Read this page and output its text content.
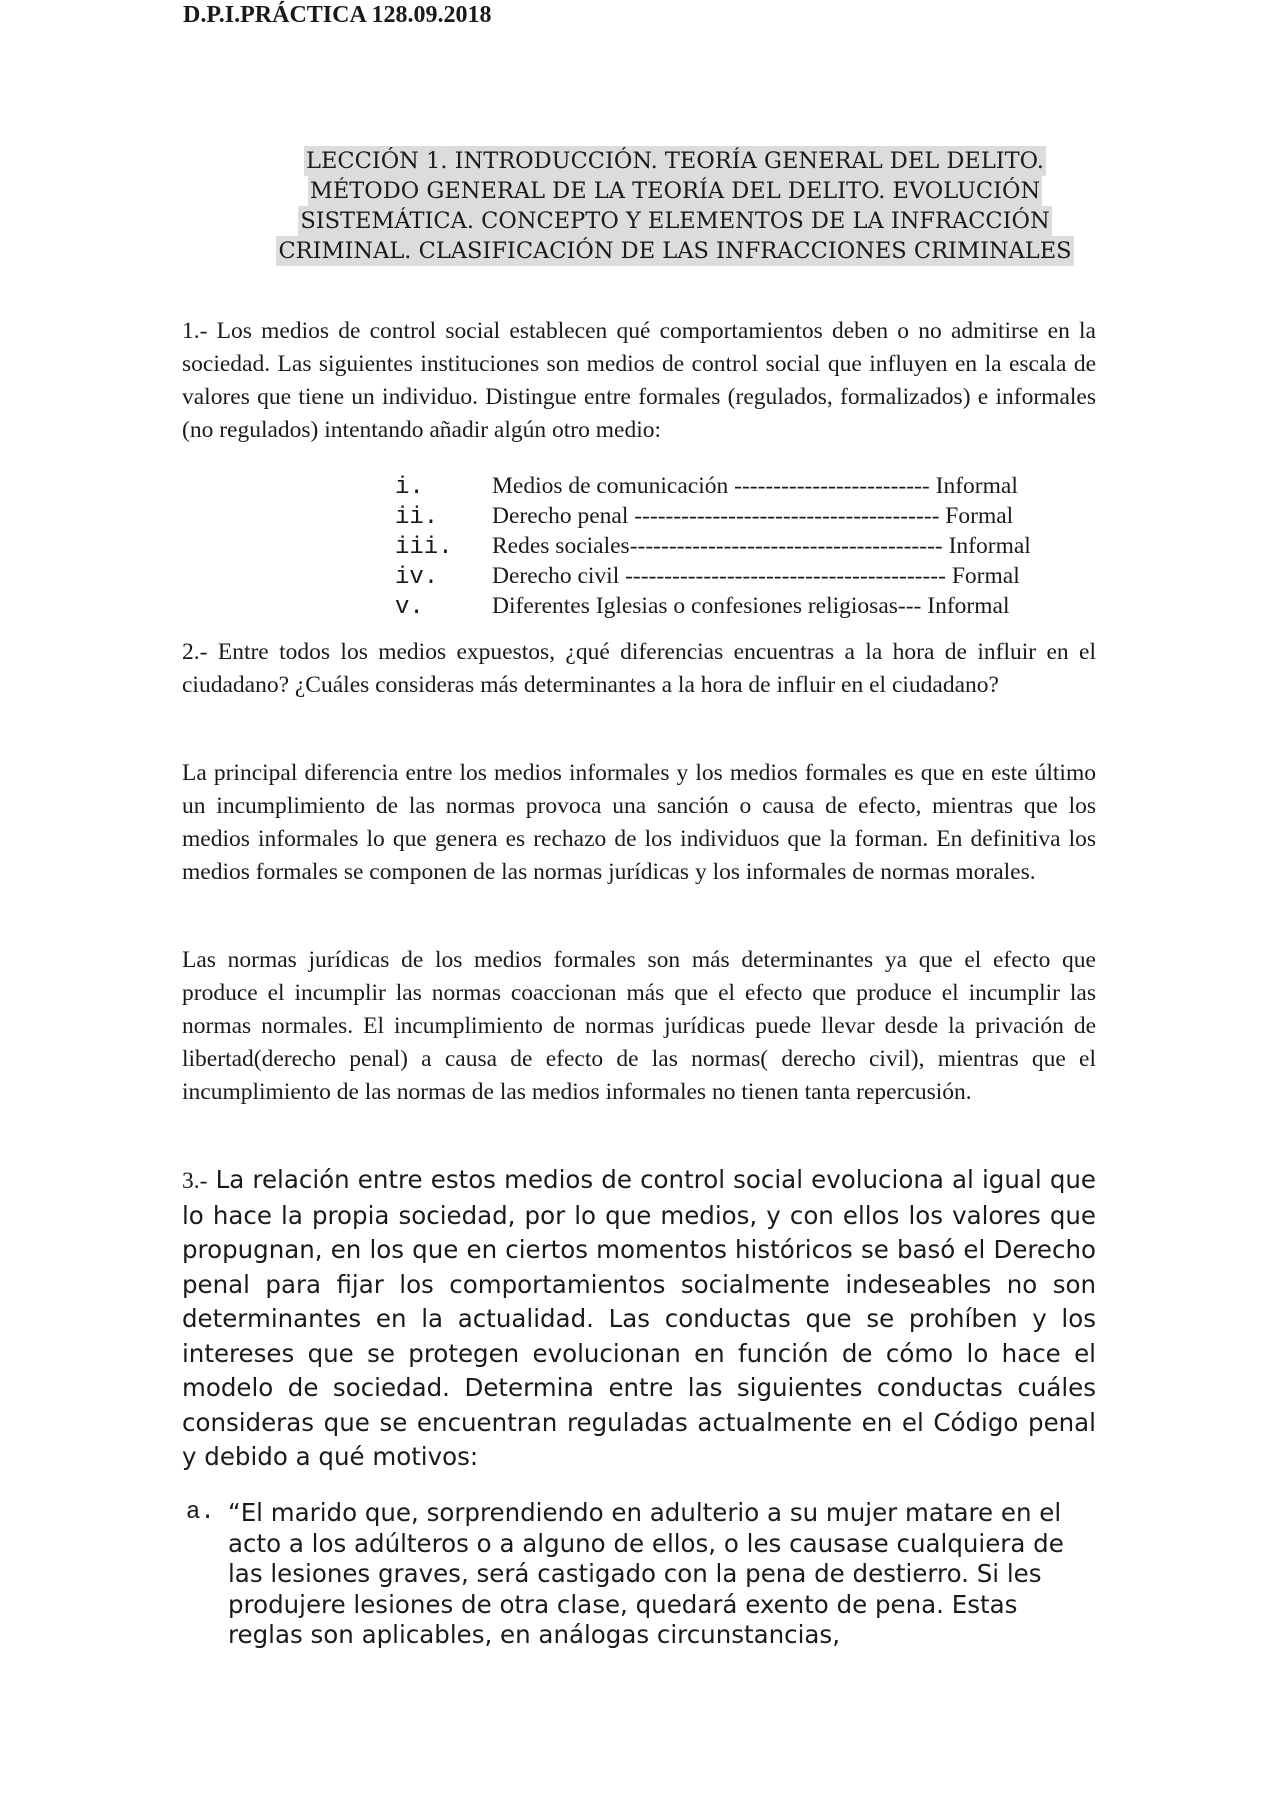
D.P.I.PRÁCTICA 128.09.2018
LECCIÓN 1. INTRODUCCIÓN. TEORÍA GENERAL DEL DELITO.
MÉTODO GENERAL DE LA TEORÍA DEL DELITO. EVOLUCIÓN
SISTEMÁTICA. CONCEPTO Y ELEMENTOS DE LA INFRACCIÓN
CRIMINAL. CLASIFICACIÓN DE LAS INFRACCIONES CRIMINALES

1.- Los medios de control social establecen qué comportamientos deben o no admitirse en la sociedad. Las siguientes instituciones son medios de control social que influyen en la escala de valores que tiene un individuo. Distingue entre formales (regulados, formalizados) e informales (no regulados) intentando añadir algún otro medio:

i.	Medios de comunicación ------------------------- Informal
ii. Derecho penal --------------------------------------- Formal
iii. Redes sociales---------------------------------------- Informal
iv. Derecho civil ----------------------------------------- Formal
v.	Diferentes Iglesias o confesiones religiosas--- Informal

2.- Entre todos los medios expuestos, ¿qué diferencias encuentras a la hora de influir en el ciudadano? ¿Cuáles consideras más determinantes a la hora de influir en el ciudadano?

La principal diferencia entre los medios informales y los medios formales es que en este último un incumplimiento de las normas provoca una sanción o causa de efecto, mientras que los medios informales lo que genera es rechazo de los individuos que la forman. En definitiva los medios formales se componen de las normas jurídicas y los informales de normas morales.

Las normas jurídicas de los medios formales son más determinantes ya que el efecto que produce el incumplir las normas coaccionan más que el efecto que produce el incumplir las normas normales. El incumplimiento de normas jurídicas puede llevar desde la privación de libertad(derecho penal) a causa de efecto de las normas( derecho civil), mientras que el incumplimiento de las normas de las medios informales no tienen tanta repercusión.

3.- La relación entre estos medios de control social evoluciona al igual que lo hace la propia sociedad, por lo que medios, y con ellos los valores que propugnan, en los que en ciertos momentos históricos se basó el Derecho penal para fijar los comportamientos socialmente indeseables no son determinantes en la actualidad. Las conductas que se prohíben y los intereses que se protegen evolucionan en función de cómo lo hace el modelo de sociedad. Determina entre las siguientes conductas cuáles consideras que se encuentran reguladas actualmente en el Código penal y debido a qué motivos:

a. “El marido que, sorprendiendo en adulterio a su mujer matare en el acto a los adúlteros o a alguno de ellos, o les causase cualquiera de las lesiones graves, será castigado con la pena de destierro. Si les produjere lesiones de otra clase, quedará exento de pena. Estas reglas son aplicables, en análogas circunstancias,
